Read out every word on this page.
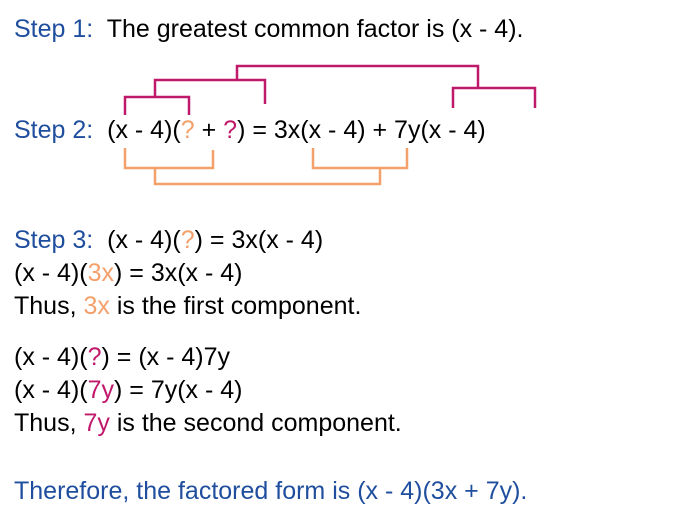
Step 1: The greatest common factor is (x - 4).
Step 2: (x - 4)(? + ?) = 3x(x - 4) + 7y(x - 4)
Step 3: (x - 4)(?) = 3x(x - 4)
(x - 4)(3x) = 3x(x - 4)
Thus, 3x is the first component.
(x - 4)(?) = (x - 4)7y
(x - 4)(7y) = 7y(x - 4)
Thus, 7y is the second component.
Therefore, the factored form is (x - 4)(3x + 7y).
